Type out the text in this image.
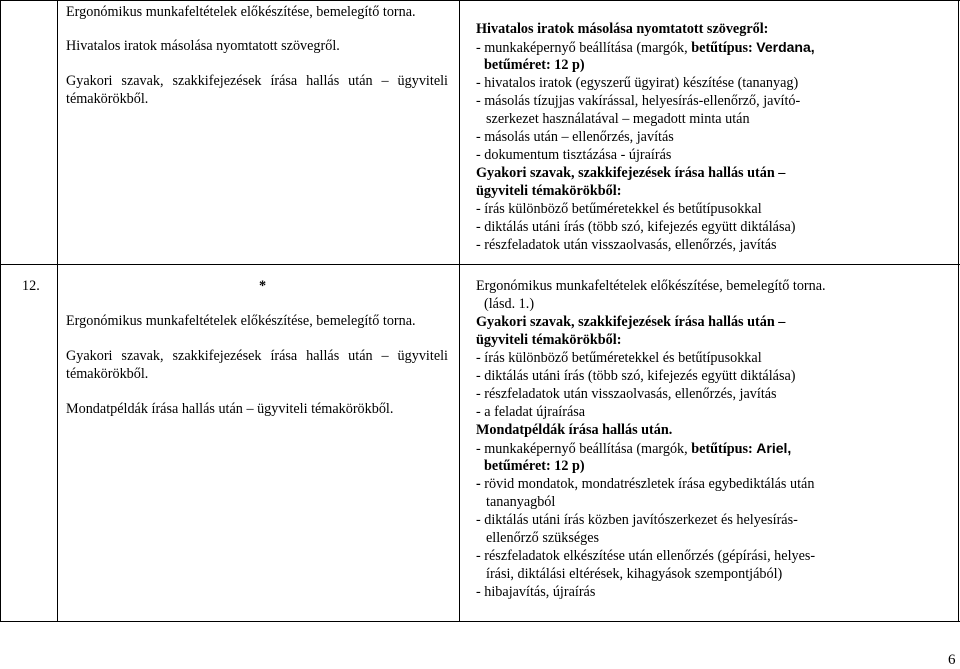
Ergonómikus munkafeltételek előkészítése, bemelegítő torna.
Hivatalos iratok másolása nyomtatott szövegről.
Gyakori szavak, szakkifejezések írása hallás után – ügyviteli
témakörökből.
Hivatalos iratok másolása nyomtatott szövegről:
- munkaképernyő beállítása (margók, betűtípus: Verdana,
betűméret: 12 p)
- hivatalos iratok (egyszerű ügyirat) készítése (tananyag)
- másolás tízujjas vakírással, helyesírás-ellenőrző, javító-
szerkezet használatával – megadott minta után
- másolás után – ellenőrzés, javítás
- dokumentum tisztázása - újraírás
Gyakori szavak, szakkifejezések írása hallás után –
ügyviteli témakörökből:
- írás különböző betűméretekkel és betűtípusokkal
- diktálás utáni írás (több szó, kifejezés együtt diktálása)
- részfeladatok után visszaolvasás, ellenőrzés, javítás
12.	*
Ergonómikus munkafeltételek előkészítése, bemelegítő torna.
Gyakori szavak, szakkifejezések írása hallás után – ügyviteli
témakörökből.
Mondatpéldák írása hallás után – ügyviteli témakörökből.
Ergonómikus munkafeltételek előkészítése, bemelegítő torna.
(lásd. 1.)
Gyakori szavak, szakkifejezések írása hallás után –
ügyviteli témakörökből:
- írás különböző betűméretekkel és betűtípusokkal
- diktálás utáni írás (több szó, kifejezés együtt diktálása)
- részfeladatok után visszaolvasás, ellenőrzés, javítás
- a feladat újraírása
Mondatpéldák írása hallás után.
- munkaképernyő beállítása (margók, betűtípus: Ariel,
betűméret: 12 p)
- rövid mondatok, mondatrészletek írása egybediktálás után
tananyagból
- diktálás utáni írás közben javítószerkezet és helyesírás-
ellenőrző szükséges
- részfeladatok elkészítése után ellenőrzés (gépírási, helyes-
írási, diktálási eltérések, kihagyások szempontjából)
- hibajavítás, újraírás
6
